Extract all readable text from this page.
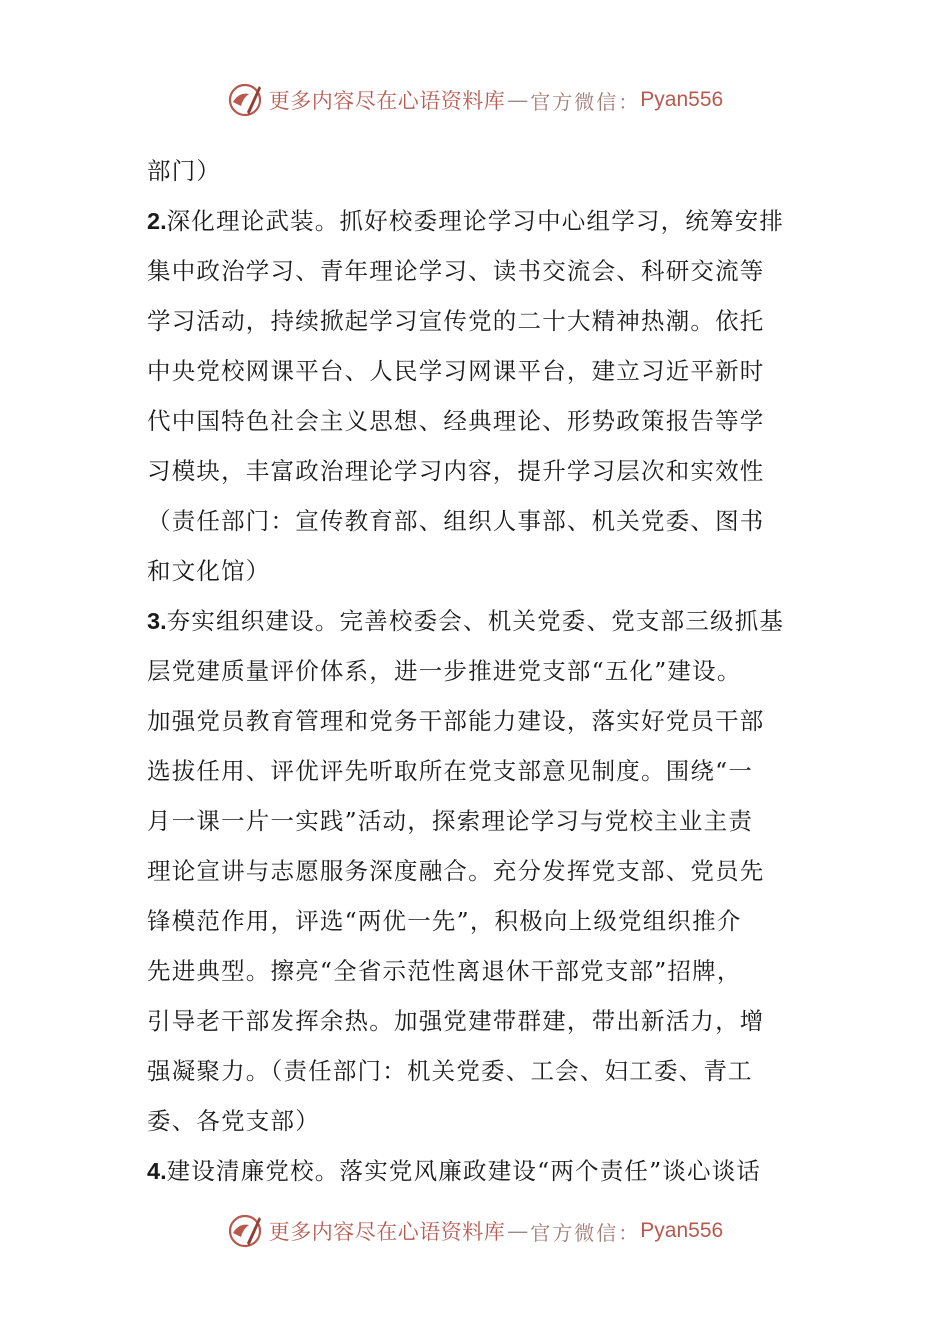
更多内容尽在心语资料库 — 官方微信： Pyan556
部门）
2.深化理论武装。抓好校委理论学习中心组学习，统筹安排
集中政治学习、青年理论学习、读书交流会、科研交流等
学习活动，持续掀起学习宣传党的二十大精神热潮。依托
中央党校网课平台、人民学习网课平台，建立习近平新时
代中国特色社会主义思想、经典理论、形势政策报告等学
习模块，丰富政治理论学习内容，提升学习层次和实效性
（责任部门：宣传教育部、组织人事部、机关党委、图书
和文化馆）
3.夯实组织建设。完善校委会、机关党委、党支部三级抓基
层党建质量评价体系，进一步推进党支部“五化”建设。
加强党员教育管理和党务干部能力建设，落实好党员干部
选拔任用、评优评先听取所在党支部意见制度。围绕“一
月一课一片一实践”活动，探索理论学习与党校主业主责
理论宣讲与志愿服务深度融合。充分发挥党支部、党员先
锋模范作用，评选“两优一先”，积极向上级党组织推介
先进典型。擦亮“全省示范性离退休干部党支部”招牌，
引导老干部发挥余热。加强党建带群建，带出新活力，增
强凝聚力。（责任部门：机关党委、工会、妇工委、青工
委、各党支部）
4.建设清廉党校。落实党风廉政建设“两个责任”谈心谈话
更多内容尽在心语资料库 — 官方微信： Pyan556
